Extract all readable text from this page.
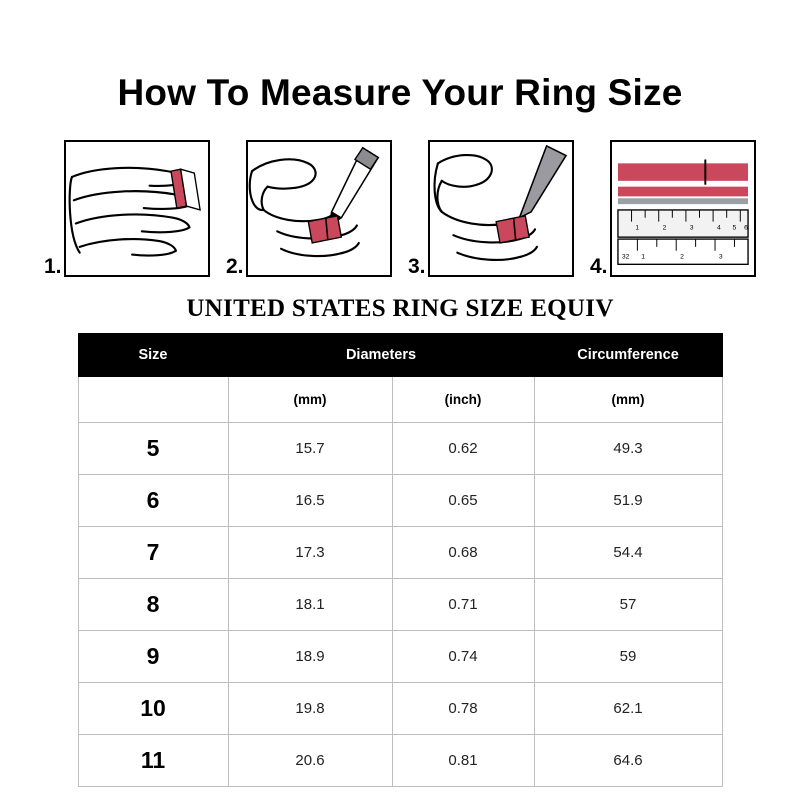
How To Measure Your Ring Size
1.	2.	3.
1	2	3	4 5 6
32 1	2	3
4.
UNITED STATES RING SIZE EQUIV
Size	Diameters		Circumference
	(mm)	(inch)	(mm)
5	15.7	0.62	49.3
6	16.5	0.65	51.9
7	17.3	0.68	54.4
8	18.1	0.71	57
9	18.9	0.74	59
10	19.8	0.78	62.1
11	20.6	0.81	64.6
